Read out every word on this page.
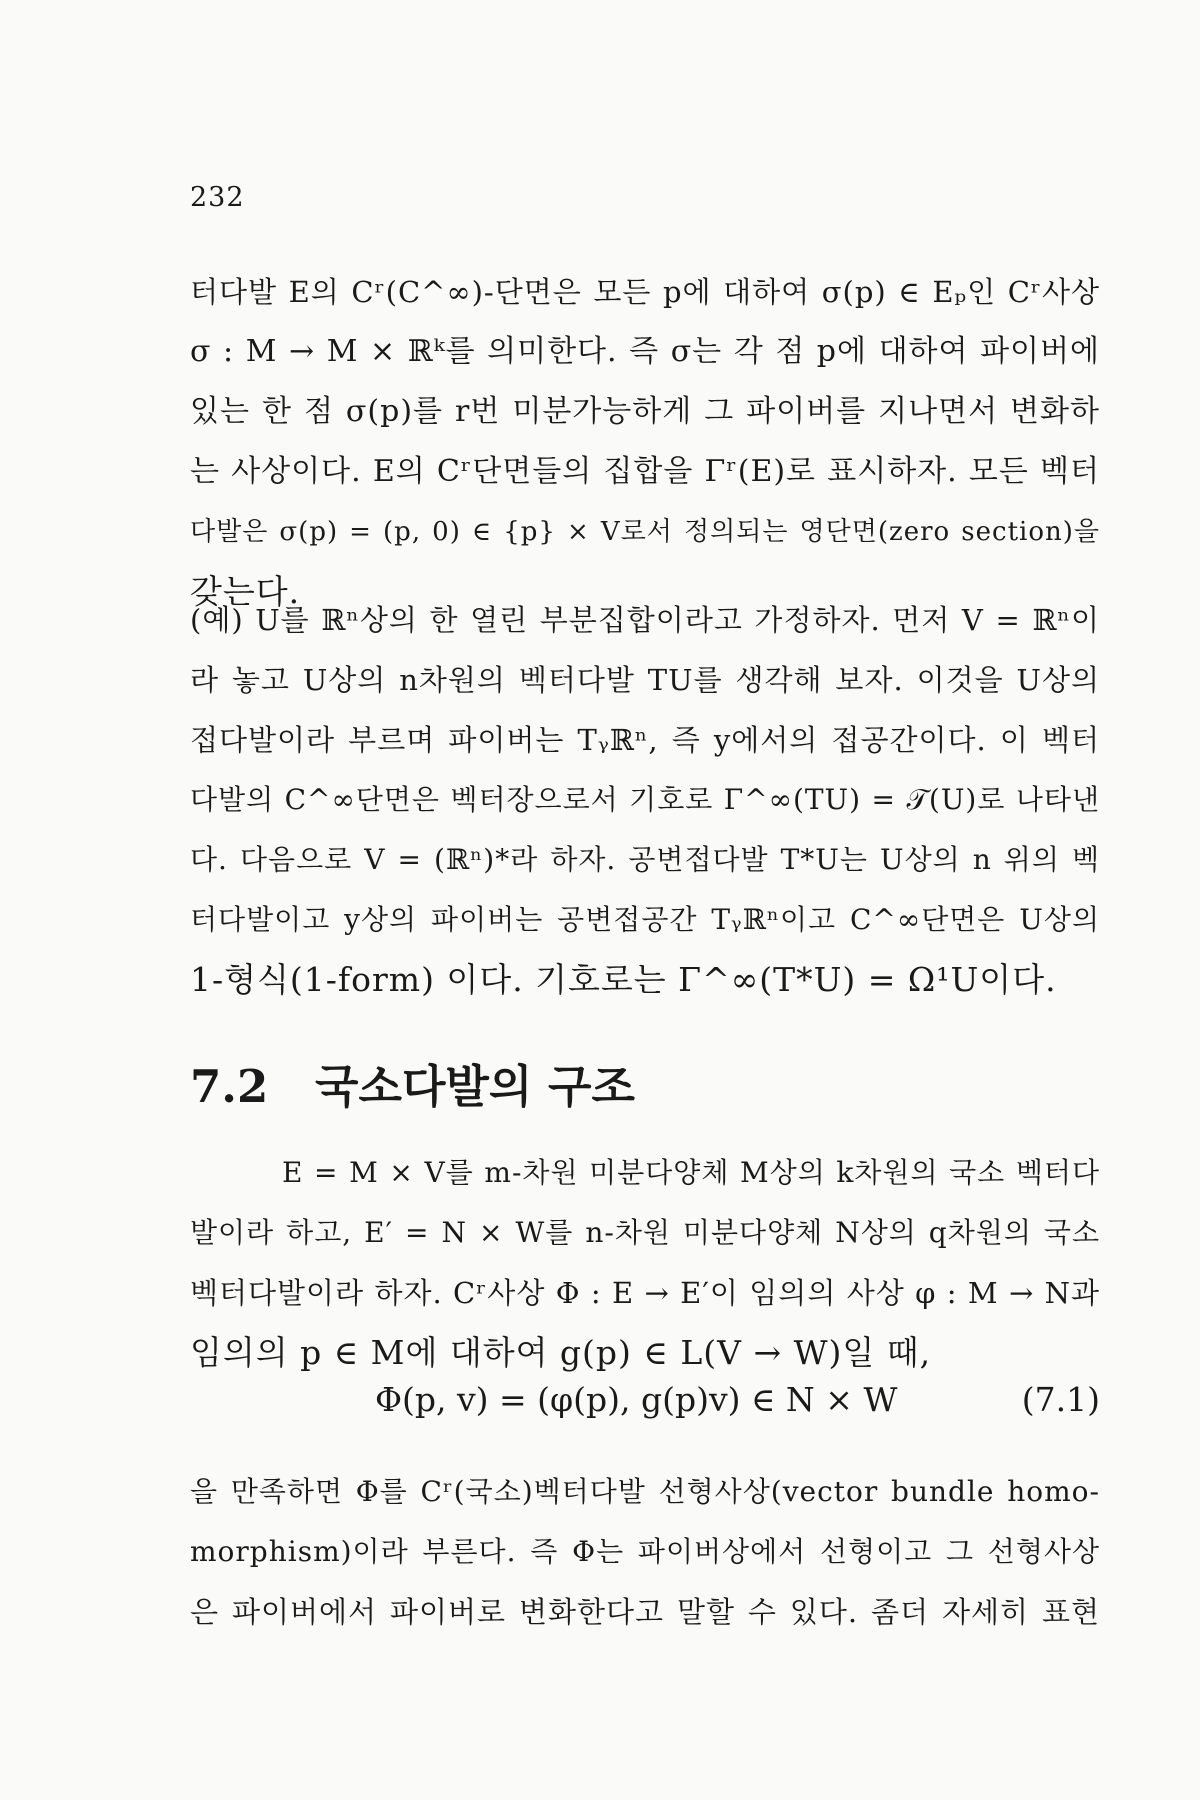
232
터다발 E의 Cʳ(C^∞)-단면은 모든 p에 대하여 σ(p) ∈ Eₚ인 Cʳ사상
σ : M → M × ℝᵏ를 의미한다. 즉 σ는 각 점 p에 대하여 파이버에
있는 한 점 σ(p)를 r번 미분가능하게 그 파이버를 지나면서 변화하
는 사상이다. E의 Cʳ단면들의 집합을 Γʳ(E)로 표시하자. 모든 벡터
다발은 σ(p) = (p, 0) ∈ {p} × V로서 정의되는 영단면(zero section)을
갖는다.
(예) U를 ℝⁿ상의 한 열린 부분집합이라고 가정하자. 먼저 V = ℝⁿ이
라 놓고 U상의 n차원의 벡터다발 TU를 생각해 보자. 이것을 U상의
접다발이라 부르며 파이버는 Tᵧℝⁿ, 즉 y에서의 접공간이다. 이 벡터
다발의 C^∞단면은 벡터장으로서 기호로 Γ^∞(TU) = 𝒯(U)로 나타낸
다. 다음으로 V = (ℝⁿ)*라 하자. 공변접다발 T*U는 U상의 n 위의 벡
터다발이고 y상의 파이버는 공변접공간 Tᵧℝⁿ이고 C^∞단면은 U상의
1-형식(1-form) 이다. 기호로는 Γ^∞(T*U) = Ω¹U이다.
7.2 국소다발의 구조
E = M × V를 m-차원 미분다양체 M상의 k차원의 국소 벡터다
발이라 하고, E′ = N × W를 n-차원 미분다양체 N상의 q차원의 국소
벡터다발이라 하자. Cʳ사상 Φ : E → E′이 임의의 사상 φ : M → N과
임의의 p ∈ M에 대하여 g(p) ∈ L(V → W)일 때,
Φ(p, v) = (φ(p), g(p)v) ∈ N × W	(7.1)
을 만족하면 Φ를 Cʳ(국소)벡터다발 선형사상(vector bundle homo-
morphism)이라 부른다. 즉 Φ는 파이버상에서 선형이고 그 선형사상
은 파이버에서 파이버로 변화한다고 말할 수 있다. 좀더 자세히 표현
